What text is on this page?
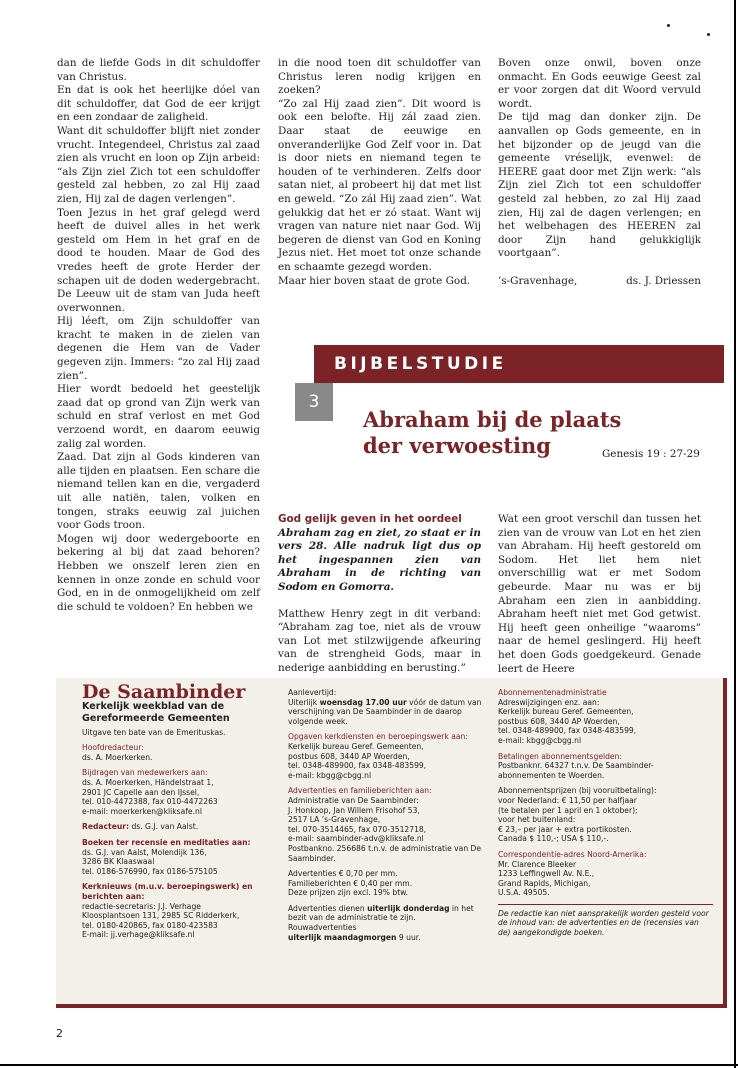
dan de liefde Gods in dit schuldoffer van Christus.

En dat is ook het heerlijke dóel van dit schuldoffer, dat God de eer krijgt en een zondaar de zaligheid.

Want dit schuldoffer blijft niet zonder vrucht. Integendeel, Christus zal zaad zien als vrucht en loon op Zijn arbeid: “als Zijn ziel Zich tot een schuldoffer gesteld zal hebben, zo zal Hij zaad zien, Hij zal de dagen verlengen”.

Toen Jezus in het graf gelegd werd heeft de duivel alles in het werk gesteld om Hem in het graf en de dood te houden. Maar de God des vredes heeft de grote Herder der schapen uit de doden wedergebracht. De Leeuw uit de stam van Juda heeft overwonnen.

Hij léeft, om Zijn schuldoffer van kracht te maken in de zielen van degenen die Hem van de Vader gegeven zijn. Immers: “zo zal Hij zaad zien”.

Hier wordt bedoeld het geestelijk zaad dat op grond van Zijn werk van schuld en straf verlost en met God verzoend wordt, en daarom eeuwig zalig zal worden.

Zaad. Dat zijn al Gods kinderen van alle tijden en plaatsen. Een schare die niemand tellen kan en die, vergaderd uit alle natiën, talen, volken en tongen, straks eeuwig zal juichen voor Gods troon.

Mogen wij door wedergeboorte en bekering al bij dat zaad behoren? Hebben we onszelf leren zien en kennen in onze zonde en schuld voor God, en in de onmogelijkheid om zelf die schuld te voldoen? En hebben we

in die nood toen dit schuldoffer van Christus leren nodig krijgen en zoeken?

“Zo zal Hij zaad zien”. Dit woord is ook een belofte. Hij zál zaad zien. Daar staat de eeuwige en onveranderlijke God Zelf voor in. Dat is door niets en niemand tegen te houden of te verhinderen. Zelfs door satan niet, al probeert hij dat met list en geweld. “Zo zál Hij zaad zien”. Wat gelukkig dat het er zó staat. Want wij vragen van nature niet naar God. Wij begeren de dienst van God en Koning Jezus niet. Het moet tot onze schande en schaamte gezegd worden.

Maar hier boven staat de grote God.

Boven onze onwil, boven onze onmacht. En Gods eeuwige Geest zal er voor zorgen dat dit Woord vervuld wordt.

De tijd mag dan donker zijn. De aanvallen op Gods gemeente, en in het bijzonder op de jeugd van die gemeente vréselijk, evenwel: de HEERE gaat door met Zijn werk: “als Zijn ziel Zich tot een schuldoffer gesteld zal hebben, zo zal Hij zaad zien, Hij zal de dagen verlengen; en het welbehagen des HEEREN zal door Zijn hand gelukkiglijk voortgaan”.

’s-Gravenhage,	ds. J. Driessen

BIJBELSTUDIE
3
Abraham bij de plaats der verwoesting	Genesis 19 : 27-29

God gelijk geven in het oordeel

Abraham zag en ziet, zo staat er in vers 28. Alle nadruk ligt dus op het ingespannen zien van Abraham in de richting van Sodom en Gomorra.

Matthew Henry zegt in dit verband: “Abraham zag toe, niet als de vrouw van Lot met stilzwijgende afkeuring van de strengheid Gods, maar in nederige aanbidding en berusting.”

Wat een groot verschil dan tussen het zien van de vrouw van Lot en het zien van Abraham. Hij heeft gestoreld om Sodom. Het liet hem niet onverschillig wat er met Sodom gebeurde. Maar nu was er bij Abraham een zien in aanbidding. Abraham heeft niet met God getwist. Hij heeft geen onheilige “waaroms” naar de hemel geslingerd. Hij heeft het doen Gods goedgekeurd. Genade leert de Heere

De Saambinder
Kerkelijk weekblad van de Gereformeerde Gemeenten
Uitgave ten bate van de Emerituskas.
Hoofdredacteur:
ds. A. Moerkerken.
Bijdragen van medewerkers aan:
ds. A. Moerkerken, Händelstraat 1,
2901 JC Capelle aan den IJssel,
tel. 010-4472388, fax 010-4472263
e-mail: moerkerken@kliksafe.nl
Redacteur: ds. G.J. van Aalst.
Boeken ter recensie en meditaties aan:
ds. G.J. van Aalst, Molendijk 136,
3286 BK Klaaswaal
tel. 0186-576990, fax 0186-575105
Kerknieuws (m.u.v. beroepingswerk) en berichten aan:
redactie-secretaris: J.J. Verhage
Kloosplantsoen 131, 2985 SC Ridderkerk,
tel. 0180-420865, fax 0180-423583
E-mail: jj.verhage@kliksafe.nl
Aanlevertijd:
Uiterlijk woensdag 17.00 uur vóór de datum van verschijning van De Saambinder in de daarop volgende week.
Opgaven kerkdiensten en beroepingswerk aan:
Kerkelijk bureau Geref. Gemeenten,
postbus 608, 3440 AP Woerden,
tel. 0348-489900, fax 0348-483599,
e-mail: kbgg@cbgg.nl
Advertenties en familieberichten aan:
Administratie van De Saambinder:
J. Honkoop, Jan Willem Frisohof 53,
2517 LA ’s-Gravenhage,
tel. 070-3514465, fax 070-3512718,
e-mail: saambinder-adv@kliksafe.nl
Postbankno. 256686 t.n.v. de administratie van De Saambinder.
Advertenties € 0,70 per mm.
Familieberichten € 0,40 per mm.
Deze prijzen zijn excl. 19% btw.
Advertenties dienen uiterlijk donderdag in het bezit van de administratie te zijn.
Rouwadvertenties
uiterlijk maandagmorgen 9 uur.
Abonnementenadministratie
Adreswijzigingen enz. aan:
Kerkelijk bureau Geref. Gemeenten,
postbus 608, 3440 AP Woerden,
tel. 0348-489900, fax 0348-483599,
e-mail: kbgg@cbgg.nl
Betalingen abonnementsgelden:
Postbanknr. 64327 t.n.v. De Saambinder-
abonnementen te Woerden.
Abonnementsprijzen (bij vooruitbetaling):
voor Nederland: € 11,50 per halfjaar
(te betalen per 1 april en 1 oktober);
voor het buitenland:
€ 23,– per jaar + extra portikosten.
Canada $ 110,-; USA $ 110,-.
Correspondentie-adres Noord-Amerika:
Mr. Clarence Bleeker
1233 Leffingwell Av. N.E.,
Grand Rapids, Michigan,
U.S.A. 49505.
De redactie kan niet aansprakelijk worden gesteld voor de inhoud van: de advertenties en de (recensies van de) aangekondigde boeken.
2
